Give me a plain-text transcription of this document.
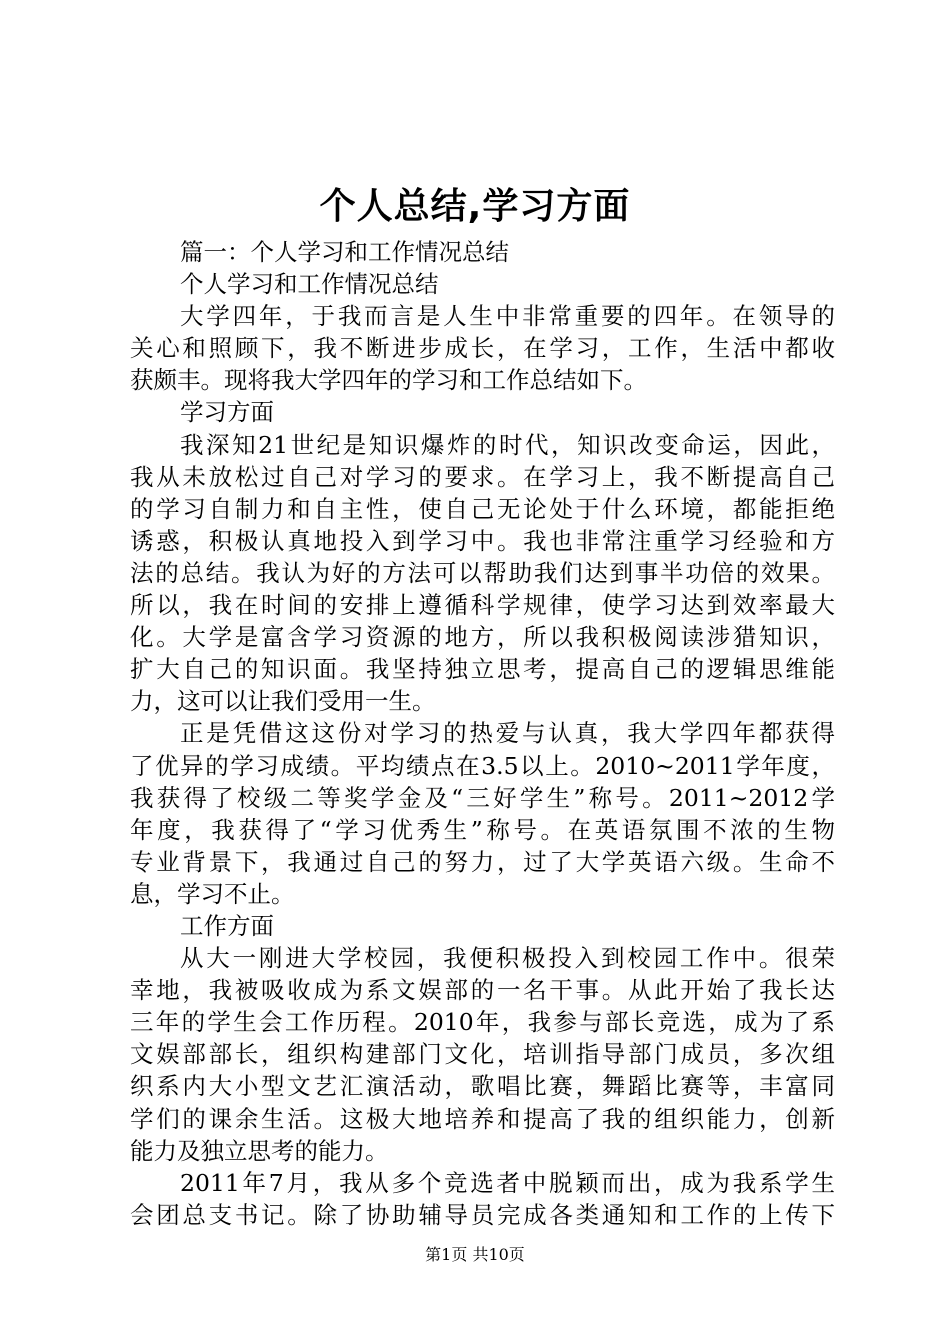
个人总结,学习方面
篇一：个人学习和工作情况总结
个人学习和工作情况总结
大学四年，于我而言是人生中非常重要的四年。在领导的
关心和照顾下，我不断进步成长，在学习，工作，生活中都收
获颇丰。现将我大学四年的学习和工作总结如下。
学习方面
我深知21世纪是知识爆炸的时代，知识改变命运，因此，
我从未放松过自己对学习的要求。在学习上，我不断提高自己
的学习自制力和自主性，使自己无论处于什么环境，都能拒绝
诱惑，积极认真地投入到学习中。我也非常注重学习经验和方
法的总结。我认为好的方法可以帮助我们达到事半功倍的效果。
所以，我在时间的安排上遵循科学规律，使学习达到效率最大
化。大学是富含学习资源的地方，所以我积极阅读涉猎知识，
扩大自己的知识面。我坚持独立思考，提高自己的逻辑思维能
力，这可以让我们受用一生。
正是凭借这这份对学习的热爱与认真，我大学四年都获得
了优异的学习成绩。平均绩点在3.5以上。2010~2011学年度，
我获得了校级二等奖学金及“三好学生”称号。2011~2012学
年度，我获得了“学习优秀生”称号。在英语氛围不浓的生物
专业背景下，我通过自己的努力，过了大学英语六级。生命不
息，学习不止。
工作方面
从大一刚进大学校园，我便积极投入到校园工作中。很荣
幸地，我被吸收成为系文娱部的一名干事。从此开始了我长达
三年的学生会工作历程。2010年，我参与部长竞选，成为了系
文娱部部长，组织构建部门文化，培训指导部门成员，多次组
织系内大小型文艺汇演活动，歌唱比赛，舞蹈比赛等，丰富同
学们的课余生活。这极大地培养和提高了我的组织能力，创新
能力及独立思考的能力。
2011年7月，我从多个竞选者中脱颖而出，成为我系学生
会团总支书记。除了协助辅导员完成各类通知和工作的上传下
第1页 共10页
